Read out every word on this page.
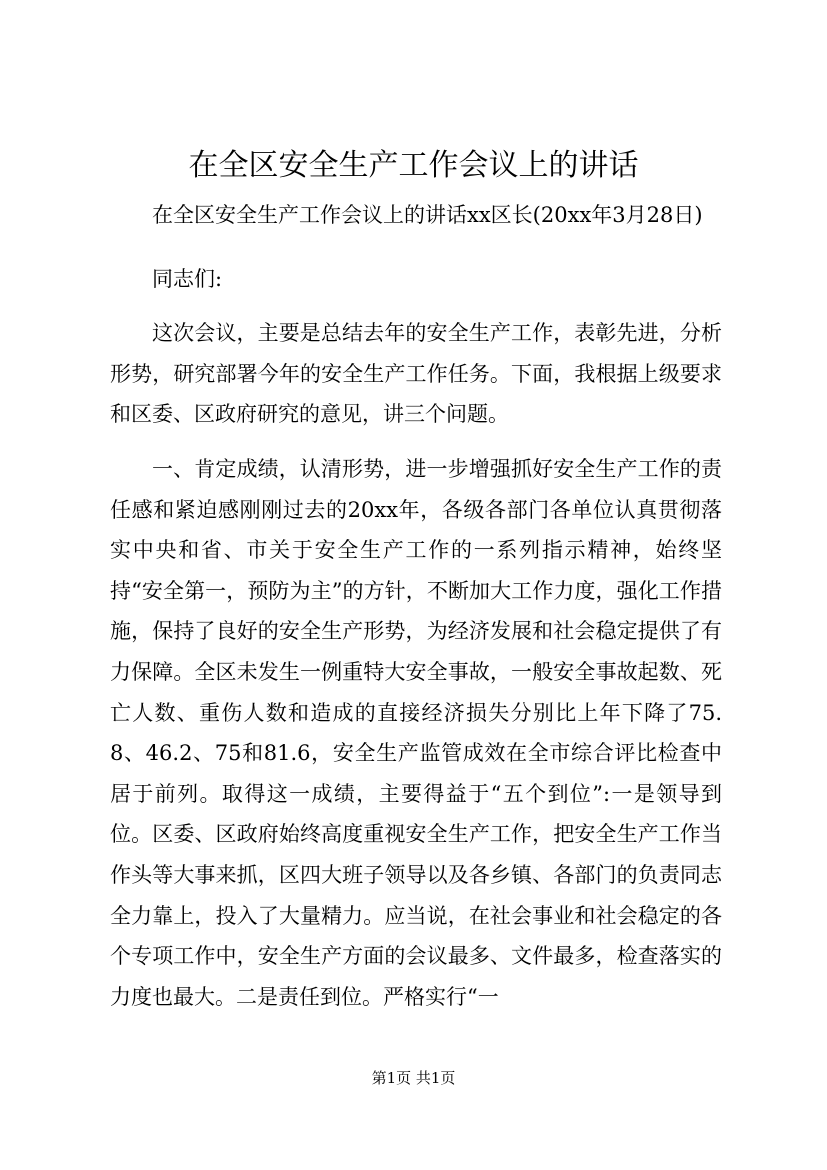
在全区安全生产工作会议上的讲话

在全区安全生产工作会议上的讲话xx区长(20xx年3月28日)

同志们:

这次会议，主要是总结去年的安全生产工作，表彰先进，分析形势，研究部署今年的安全生产工作任务。下面，我根据上级要求和区委、区政府研究的意见，讲三个问题。

一、肯定成绩，认清形势，进一步增强抓好安全生产工作的责任感和紧迫感刚刚过去的20xx年，各级各部门各单位认真贯彻落实中央和省、市关于安全生产工作的一系列指示精神，始终坚持“安全第一，预防为主”的方针，不断加大工作力度，强化工作措施，保持了良好的安全生产形势，为经济发展和社会稳定提供了有力保障。全区未发生一例重特大安全事故，一般安全事故起数、死亡人数、重伤人数和造成的直接经济损失分别比上年下降了75.8、46.2、75和81.6，安全生产监管成效在全市综合评比检查中居于前列。取得这一成绩，主要得益于“五个到位”:一是领导到位。区委、区政府始终高度重视安全生产工作，把安全生产工作当作头等大事来抓，区四大班子领导以及各乡镇、各部门的负责同志全力靠上，投入了大量精力。应当说，在社会事业和社会稳定的各个专项工作中，安全生产方面的会议最多、文件最多，检查落实的力度也最大。二是责任到位。严格实行“一

第1页 共1页
